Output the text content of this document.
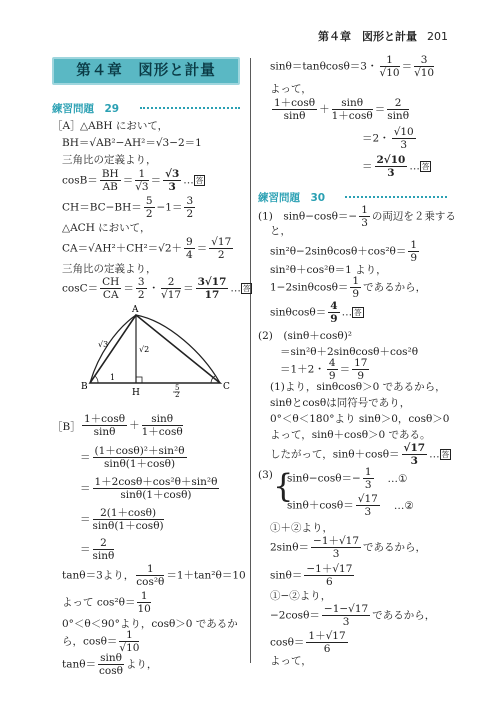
第４章　図形と計量 201
第４章　図形と計量
練習問題　29
［A］ △ABH において，
BH＝√AB²−AH²＝√3−2＝1
三角比の定義より，
$\cos B= \frac{BH}{AB} = \frac{1}{√3} = \frac{√3}{3}$ … 答
$CH=BC-BH= \frac{5}{2} -1= \frac{3}{2}$
△ACH において，
$CA=√AH^2+CH^2=√2+ \frac{9}{4} = \frac{√17}{2}$
三角比の定義より，
$\cos C= \frac{CH}{CA} = \frac{3}{2}$ ・ $\frac{2}{√17} = \frac{3√17}{17}$ … 答
A
B	C
H
√3
√2
1
5
2
［B］ $\frac{1+\cos\theta}{\sin\theta} + \frac{\sin\theta}{1+\cos\theta}$
＝ $\frac{\text{(1＋cosθ)²＋sin²θ}}{\sin\theta(1+\cos\theta)}$
＝ $\frac{\text{1＋2cosθ＋cos²θ＋sin²θ}}{\sin\theta(1+\cos\theta)}$
＝ $\frac{2(1+\cos\theta)}{\sin\theta(1+\cos\theta)}$
＝ $\frac{2}{\sin\theta}$
tanθ＝3より， $\frac{1}{\text{cos²θ}} =1+\tan^2\theta=10$
よって $\cos^2\theta= \frac{1}{10}$
0°＜θ＜90°より，cosθ＞0 であるか
ら，$\cos\theta= \frac{1}{√10}$
$\tan\theta= \frac{\sin\theta}{\cos\theta}$ より，
sinθ＝tanθcosθ＝3・ $\frac{1}{√10} = \frac{3}{√10}$
よって，
$\frac{1+\cos\theta}{\sin\theta} + \frac{\sin\theta}{1+\cos\theta} = \frac{2}{\sin\theta}$
＝2・ $\frac{√10}{3}$
＝ $\frac{2√10}{3}$ … 答
練習問題　30
(1)　$\sin\theta-\cos\theta=- \frac{1}{3}$ の両辺を２乗する
と，
$\sin^2\theta-2\sin\theta\cos\theta+\cos^2\theta= \frac{1}{9}$
sin²θ＋cos²θ＝1 より，
$1-2\sin\theta\cos\theta= \frac{1}{9}$ であるから，
$\sin\theta\cos\theta= \frac{4}{9}$ … 答
(2)　(sinθ＋cosθ)²
＝sin²θ＋2sinθcosθ＋cos²θ
＝1＋2・ $\frac{4}{9} = \frac{17}{9}$
(1)より，sinθcosθ＞0 であるから，
sinθとcosθは同符号であり，
0°＜θ＜180°より sinθ＞0，cosθ＞0
よって，sinθ＋cosθ＞0 である。
したがって，$\sin\theta+\cos\theta= \frac{√17}{3}$ … 答
(3) {
$\sin\theta-\cos\theta=- \frac{1}{3}$ …①
$\sin\theta+\cos\theta= \frac{√17}{3}$ …②
①＋②より，
$2\sin\theta= \frac{-1+√17}{3}$ であるから，
$\sin\theta= \frac{-1+√17}{6}$
①−②より，
$-2\cos\theta= \frac{-1-√17}{3}$ であるから，
$\cos\theta= \frac{1+√17}{6}$
よって，
